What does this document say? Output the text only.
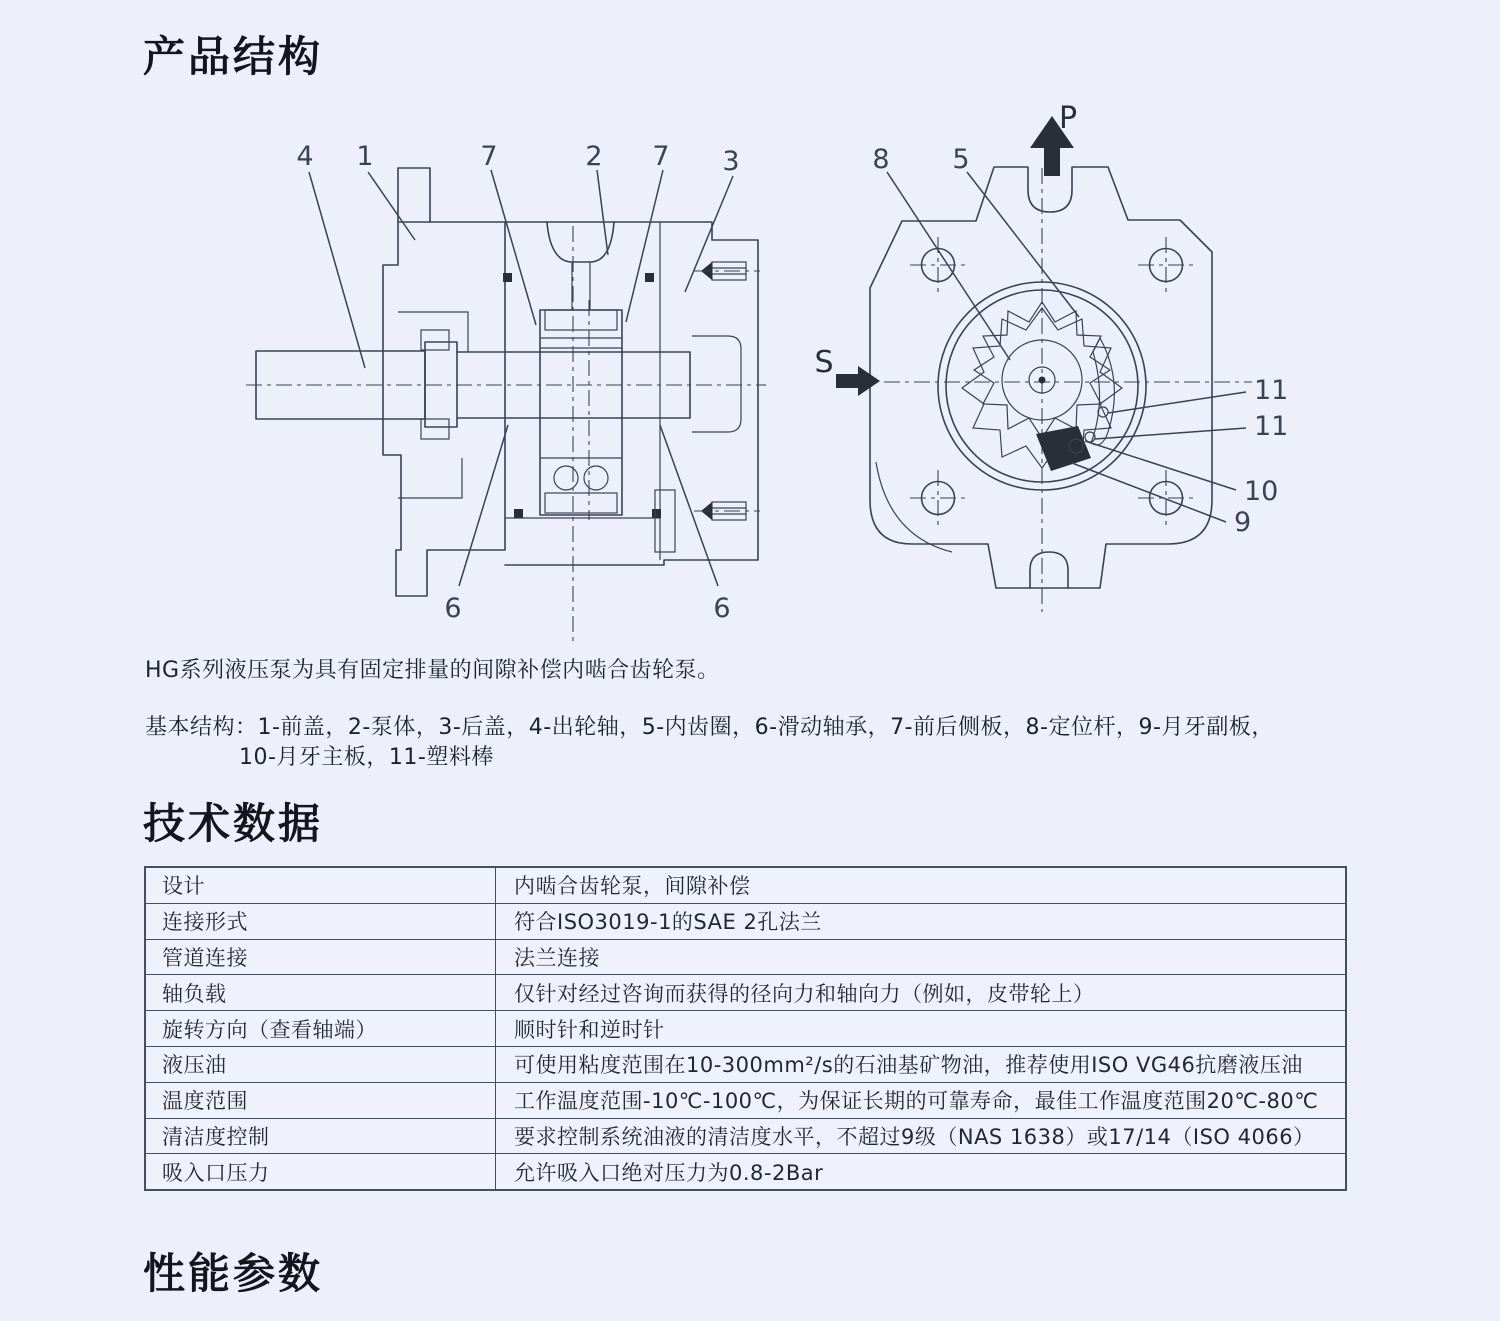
产品结构
4 1	7	2 7 3
6	6
P
S
8 5
11
11
10
9
HG系列液压泵为具有固定排量的间隙补偿内啮合齿轮泵。
基本结构：1-前盖，2-泵体，3-后盖，4-出轮轴，5-内齿圈，6-滑动轴承，7-前后侧板，8-定位杆，9-月牙副板，
10-月牙主板，11-塑料棒
技术数据
设计	内啮合齿轮泵，间隙补偿
连接形式	符合ISO3019-1的SAE 2孔法兰
管道连接	法兰连接
轴负载	仅针对经过咨询而获得的径向力和轴向力（例如，皮带轮上）
旋转方向（查看轴端）	顺时针和逆时针
液压油	可使用粘度范围在10-300mm²/s的石油基矿物油，推荐使用ISO VG46抗磨液压油
温度范围	工作温度范围-10℃-100℃，为保证长期的可靠寿命，最佳工作温度范围20℃-80℃
清洁度控制	要求控制系统油液的清洁度水平，不超过9级（NAS 1638）或17/14（ISO 4066）
吸入口压力	允许吸入口绝对压力为0.8-2Bar
性能参数
